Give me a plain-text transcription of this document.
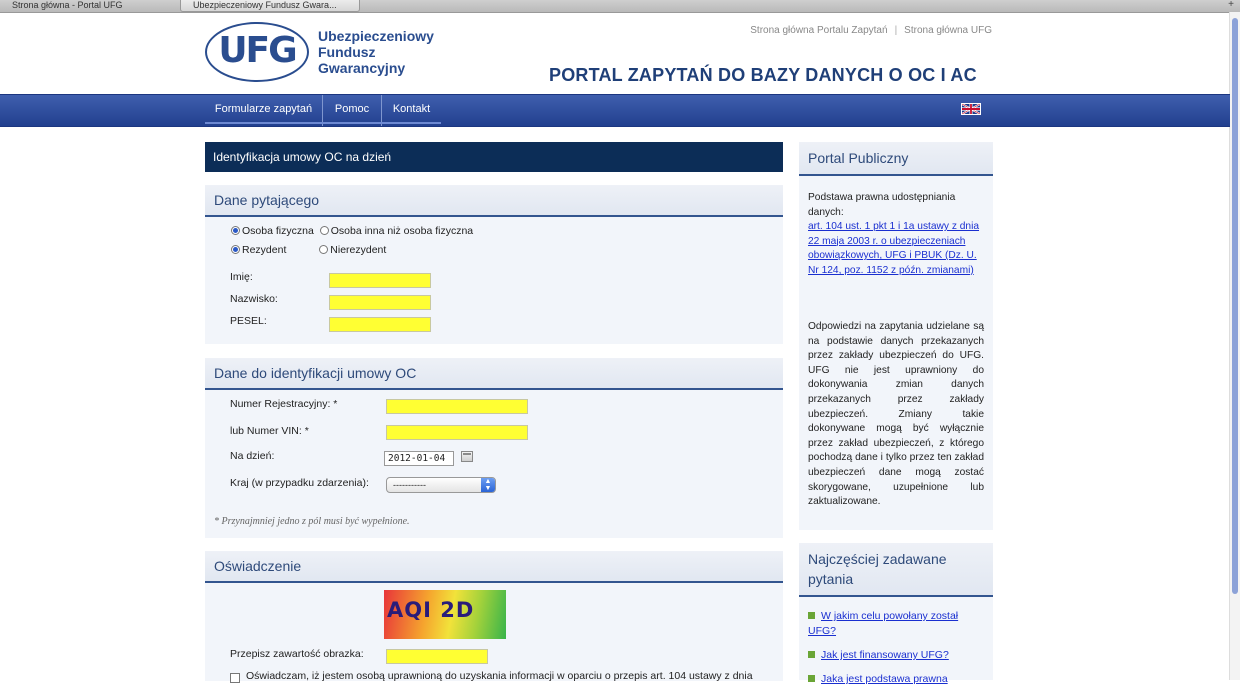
Strona główna - Portal UFG	Ubezpieczeniowy Fundusz Gwara...	+
UFG	Ubezpieczeniowy
Fundusz
Gwarancyjny
Strona główna Portalu Zapytań | Strona główna UFG
PORTAL ZAPYTAŃ DO BAZY DANYCH O OC I AC
Formularze zapytań	Pomoc	Kontakt
Identyfikacja umowy OC na dzień
Dane pytającego
Osoba fizyczna Osoba inna niż osoba fizyczna
Rezydent	Nierezydent
Imię:
Nazwisko:
PESEL:
Dane do identyfikacji umowy OC
Numer Rejestracyjny: *
lub Numer VIN: *
Na dzień:	2012-01-04
Kraj (w przypadku zdarzenia):	-----------	▲
▼
* Przynajmniej jedno z pól musi być wypełnione.
Oświadczenie
AQI 2D
Przepisz zawartość obrazka:
Oświadczam, iż jestem osobą uprawnioną do uzyskania informacji w oparciu o przepis art. 104 ustawy z dnia
Portal Publiczny
Podstawa prawna udostępniania danych:
art. 104 ust. 1 pkt 1 i 1a ustawy z dnia 22 maja 2003 r. o ubezpieczeniach obowiązkowych, UFG i PBUK (Dz. U. Nr 124, poz. 1152 z późn. zmianami)
Odpowiedzi na zapytania udzielane są na podstawie danych przekazanych przez zakłady ubezpieczeń do UFG. UFG nie jest uprawniony do dokonywania zmian danych przekazanych przez zakłady ubezpieczeń. Zmiany takie dokonywane mogą być wyłącznie przez zakład ubezpieczeń, z którego pochodzą dane i tylko przez ten zakład ubezpieczeń dane mogą zostać skorygowane, uzupełnione lub zaktualizowane.
Najczęściej zadawane pytania
W jakim celu powołany został UFG?
Jak jest finansowany UFG?
Jaka jest podstawa prawna
